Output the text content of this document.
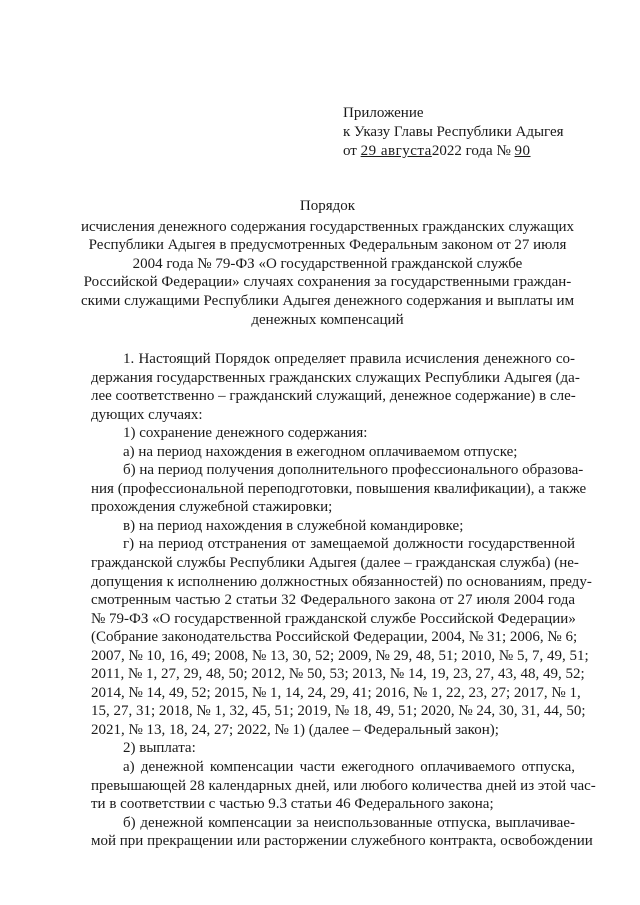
Приложение
к Указу Главы Республики Адыгея
от 29 августа2022 года № 90
Порядок
исчисления денежного содержания государственных гражданских служащих
Республики Адыгея в предусмотренных Федеральным законом от 27 июля
2004 года № 79-ФЗ «О государственной гражданской службе
Российской Федерации» случаях сохранения за государственными граждан-
скими служащими Республики Адыгея денежного содержания и выплаты им
денежных компенсаций
1. Настоящий Порядок определяет правила исчисления денежного со-
держания государственных гражданских служащих Республики Адыгея (да-
лее соответственно – гражданский служащий, денежное содержание) в сле-
дующих случаях:
1) сохранение денежного содержания:
а) на период нахождения в ежегодном оплачиваемом отпуске;
б) на период получения дополнительного профессионального образова-
ния (профессиональной переподготовки, повышения квалификации), а также
прохождения служебной стажировки;
в) на период нахождения в служебной командировке;
г) на период отстранения от замещаемой должности государственной
гражданской службы Республики Адыгея (далее – гражданская служба) (не-
допущения к исполнению должностных обязанностей) по основаниям, преду-
смотренным частью 2 статьи 32 Федерального закона от 27 июля 2004 года
№ 79-ФЗ «О государственной гражданской службе Российской Федерации»
(Собрание законодательства Российской Федерации, 2004, № 31; 2006, № 6;
2007, № 10, 16, 49; 2008, № 13, 30, 52; 2009, № 29, 48, 51; 2010, № 5, 7, 49, 51;
2011, № 1, 27, 29, 48, 50; 2012, № 50, 53; 2013, № 14, 19, 23, 27, 43, 48, 49, 52;
2014, № 14, 49, 52; 2015, № 1, 14, 24, 29, 41; 2016, № 1, 22, 23, 27; 2017, № 1,
15, 27, 31; 2018, № 1, 32, 45, 51; 2019, № 18, 49, 51; 2020, № 24, 30, 31, 44, 50;
2021, № 13, 18, 24, 27; 2022, № 1) (далее – Федеральный закон);
2) выплата:
а) денежной компенсации части ежегодного оплачиваемого отпуска,
превышающей 28 календарных дней, или любого количества дней из этой час-
ти в соответствии с частью 9.3 статьи 46 Федерального закона;
б) денежной компенсации за неиспользованные отпуска, выплачивае-
мой при прекращении или расторжении служебного контракта, освобождении
